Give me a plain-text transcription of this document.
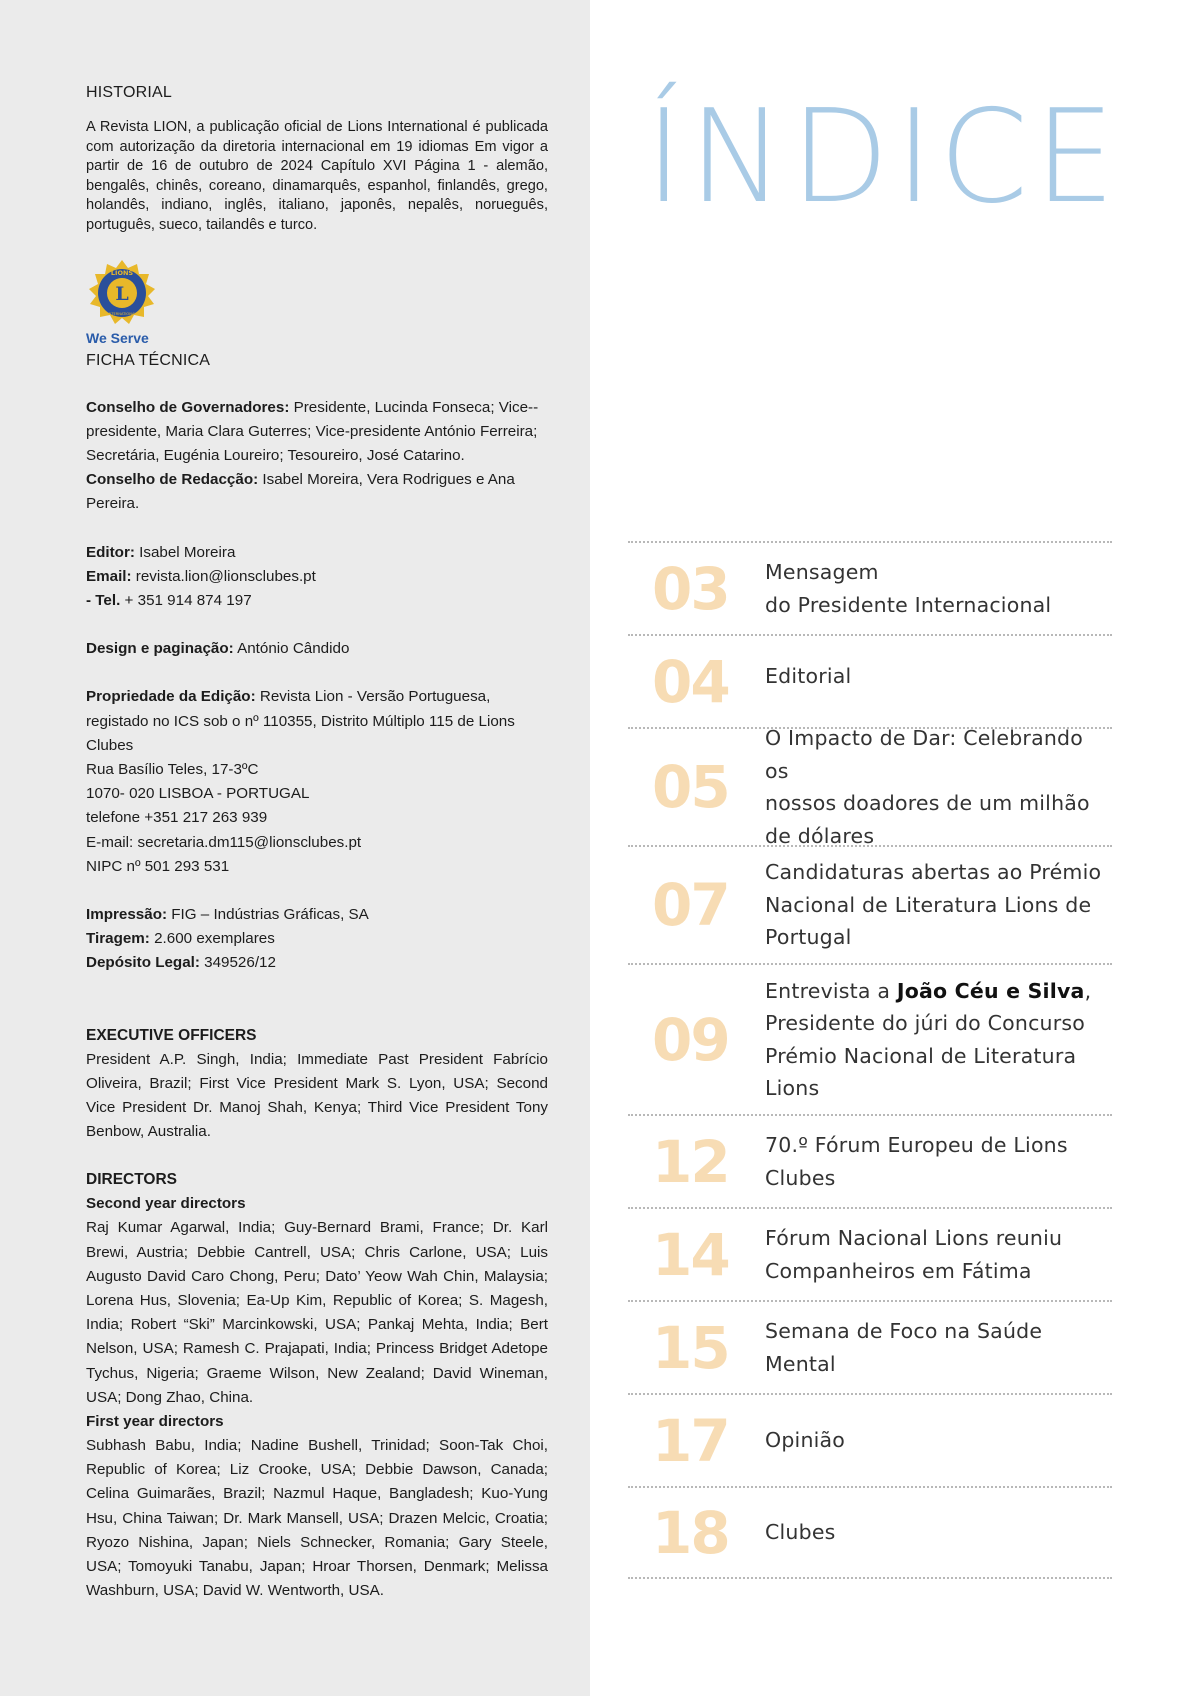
HISTORIAL
A Revista LION, a publicação oficial de Lions International é publicada com autorização da diretoria internacional em 19 idiomas Em vigor a partir de 16 de outubro de 2024 Capítulo XVI Página 1 - alemão, bengalês, chinês, coreano, dinamarquês, espanhol, finlandês, grego, holandês, indiano, inglês, italiano, japonês, nepalês, norueguês, português, sueco, tailandês e turco.
L
LIONS
INTERNATIONAL
We Serve
FICHA TÉCNICA
Conselho de Governadores: Presidente, Lucinda Fonseca; Vice--presidente, Maria Clara Guterres; Vice-presidente António Ferreira; Secretária, Eugénia Loureiro; Tesoureiro, José Catarino.
Conselho de Redacção: Isabel Moreira, Vera Rodrigues e Ana Pereira.
Editor: Isabel Moreira
Email: revista.lion@lionsclubes.pt
- Tel. + 351 914 874 197
Design e paginação: António Cândido
Propriedade da Edição: Revista Lion - Versão Portuguesa, registado no ICS sob o nº 110355, Distrito Múltiplo 115 de Lions Clubes
Rua Basílio Teles, 17-3ºC
1070- 020 LISBOA - PORTUGAL
telefone +351 217 263 939
E-mail: secretaria.dm115@lionsclubes.pt
NIPC nº 501 293 531
Impressão: FIG – Indústrias Gráficas, SA
Tiragem: 2.600 exemplares
Depósito Legal: 349526/12
EXECUTIVE OFFICERS
President A.P. Singh, India; Immediate Past President Fabrício Oliveira, Brazil; First Vice President Mark S. Lyon, USA; Second Vice President Dr. Manoj Shah, Kenya; Third Vice President Tony Benbow, Australia.
DIRECTORS
Second year directors
Raj Kumar Agarwal, India; Guy-Bernard Brami, France; Dr. Karl Brewi, Austria; Debbie Cantrell, USA; Chris Carlone, USA; Luis Augusto David Caro Chong, Peru; Dato’ Yeow Wah Chin, Malaysia; Lorena Hus, Slovenia; Ea-Up Kim, Republic of Korea; S. Magesh, India; Robert “Ski” Marcinkowski, USA; Pankaj Mehta, India; Bert Nelson, USA; Ramesh C. Prajapati, India; Princess Bridget Adetope Tychus, Nigeria; Graeme Wilson, New Zealand; David Wineman, USA; Dong Zhao, China.
First year directors
Subhash Babu, India; Nadine Bushell, Trinidad; Soon-Tak Choi, Republic of Korea; Liz Crooke, USA; Debbie Dawson, Canada; Celina Guimarães, Brazil; Nazmul Haque, Bangladesh; Kuo-Yung Hsu, China Taiwan; Dr. Mark Mansell, USA; Drazen Melcic, Croatia; Ryozo Nishina, Japan; Niels Schnecker, Romania; Gary Steele, USA; Tomoyuki Tanabu, Japan; Hroar Thorsen, Denmark; Melissa Washburn, USA; David W. Wentworth, USA.
ÍNDICE
03	Mensagem
do Presidente Internacional
04	Editorial
05
O Impacto de Dar: Celebrando os
nossos doadores de um milhão
de dólares
07	Candidaturas abertas ao Prémio
Nacional de Literatura Lions de
Portugal
09
Entrevista a João Céu e Silva,
Presidente do júri do Concurso
Prémio Nacional de Literatura
Lions
12	70.º Fórum Europeu de Lions
Clubes
14	Fórum Nacional Lions reuniu
Companheiros em Fátima
15	Semana de Foco na Saúde Mental
17	Opinião
18	Clubes
